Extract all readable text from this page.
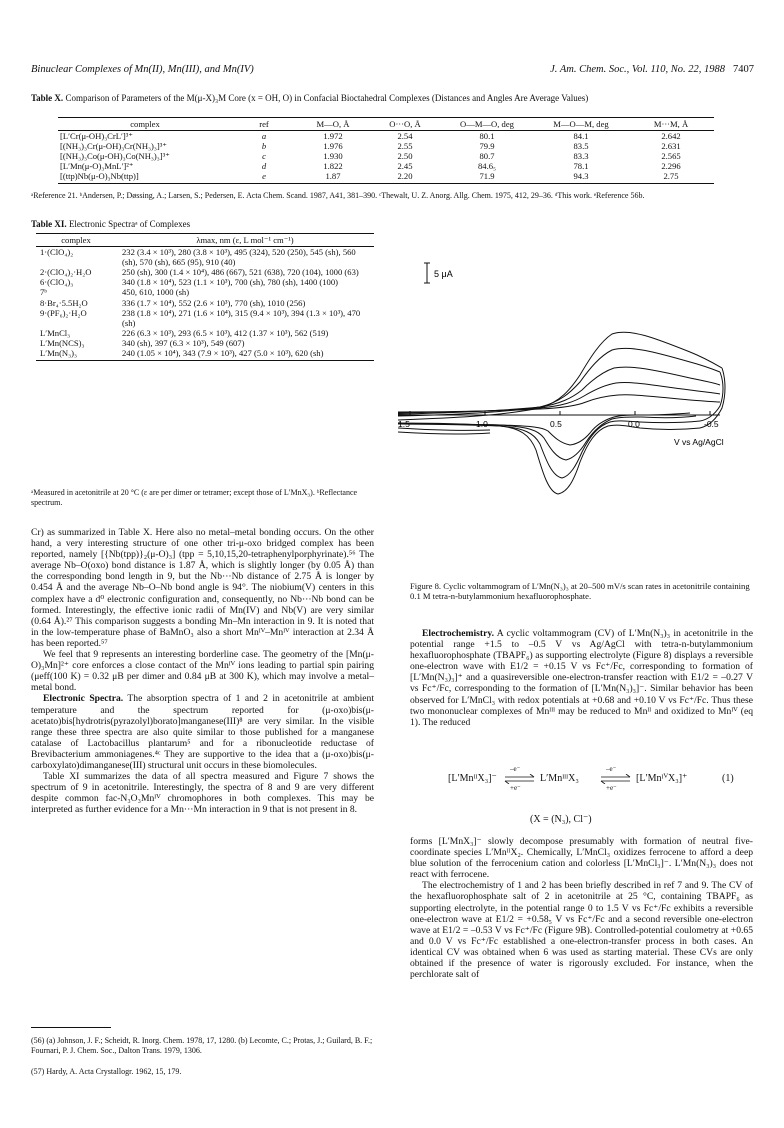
Binuclear Complexes of Mn(II), Mn(III), and Mn(IV)	J. Am. Chem. Soc., Vol. 110, No. 22, 1988 7407
Table X. Comparison of Parameters of the M(μ-X)₃M Core (x = OH, O) in Confacial Bioctahedral Complexes (Distances and Angles Are Average Values)
complex	ref	M—O, Å	O···O, Å	O—M—O, deg	M—O—M, deg	M···M, Å
[L′Cr(μ-OH)₃CrL′]³⁺	a	1.972	2.54	80.1	84.1	2.642
[(NH₃)₃Cr(μ-OH)₃Cr(NH₃)₃]³⁺	b	1.976	2.55	79.9	83.5	2.631
[(NH₃)₃Co(μ-OH)₃Co(NH₃)₃]³⁺	c	1.930	2.50	80.7	83.3	2.565
[L′Mn(μ-O)₃MnL′]²⁺	d	1.822	2.45	84.6₅	78.1	2.296
[(ttp)Nb(μ-O)₃Nb(ttp)]	e	1.87	2.20	71.9	94.3	2.75
ᵃReference 21. ᵇAndersen, P.; Døssing, A.; Larsen, S.; Pedersen, E. Acta Chem. Scand. 1987, A41, 381–390. ᶜThewalt, U. Z. Anorg. Allg. Chem. 1975, 412, 29–36. ᵈThis work. ᵉReference 56b.
Table XI. Electronic Spectraᵃ of Complexes
complex	λmax, nm (ε, L mol⁻¹ cm⁻¹)
1·(ClO₄)₂	232 (3.4 × 10³), 280 (3.8 × 10³), 495 (324), 520 (250), 545 (sh), 560 (sh), 570 (sh), 665 (95), 910 (40)
2·(ClO₄)₂·H₂O	250 (sh), 300 (1.4 × 10⁴), 486 (667), 521 (638), 720 (104), 1000 (63)
6·(ClO₄)₃	340 (1.8 × 10⁴), 523 (1.1 × 10³), 700 (sh), 780 (sh), 1400 (100)
7ᵇ	450, 610, 1000 (sh)
8·Br₄·5.5H₂O	336 (1.7 × 10⁴), 552 (2.6 × 10³), 770 (sh), 1010 (256)
9·(PF₆)₂·H₂O	238 (1.8 × 10⁴), 271 (1.6 × 10⁴), 315 (9.4 × 10³), 394 (1.3 × 10³), 470 (sh)
L′MnCl₃	226 (6.3 × 10³), 293 (6.5 × 10³), 412 (1.37 × 10³), 562 (519)
L′Mn(NCS)₃	340 (sh), 397 (6.3 × 10³), 549 (607)
L′Mn(N₃)₃	240 (1.05 × 10⁴), 343 (7.9 × 10³), 427 (5.0 × 10³), 620 (sh)
ᵃMeasured in acetonitrile at 20 °C (ε are per dimer or tetramer; except those of L′MnX₃). ᵇReflectance spectrum.

Cr) as summarized in Table X. Here also no metal–metal bonding occurs. On the other hand, a very interesting structure of one other tri-μ-oxo bridged complex has been reported, namely [{Nb(tpp)}₂(μ-O)₃] (tpp = 5,10,15,20-tetraphenylporphyrinate).⁵⁶ The average Nb–O(oxo) bond distance is 1.87 Å, which is slightly longer (by 0.05 Å) than the corresponding bond length in 9, but the Nb···Nb distance of 2.75 Å is longer by 0.454 Å and the average Nb–O–Nb bond angle is 94°. The niobium(V) centers in this complex have a d⁰ electronic configuration and, consequently, no Nb···Nb bond can be formed. Interestingly, the effective ionic radii of Mn(IV) and Nb(V) are very similar (0.64 Å).²⁷ This comparison suggests a bonding Mn–Mn interaction in 9. It is noted that in the low-temperature phase of BaMnO₃ also a short Mnᴵⱽ–Mnᴵⱽ interaction at 2.34 Å has been reported.⁵⁷

We feel that 9 represents an interesting borderline case. The geometry of the [Mn(μ-O)₃Mn]²⁺ core enforces a close contact of the Mnᴵⱽ ions leading to partial spin pairing (μeff(100 K) = 0.32 μB per dimer and 0.84 μB at 300 K), which may involve a metal–metal bond.

Electronic Spectra. The absorption spectra of 1 and 2 in acetonitrile at ambient temperature and the spectrum reported for (μ-oxo)bis(μ-acetato)bis[hydrotris(pyrazolyl)borato]manganese(III)⁸ are very similar. In the visible range these three spectra are also quite similar to those published for a manganese catalase of Lactobacillus plantarum⁵ and for a ribonucleotide reductase of Brevibacterium ammoniagenes.⁴ᶜ They are supportive to the idea that a (μ-oxo)bis(μ-carboxylato)dimanganese(III) structural unit occurs in these biomolecules.

Table XI summarizes the data of all spectra measured and Figure 7 shows the spectrum of 9 in acetonitrile. Interestingly, the spectra of 8 and 9 are very different despite common fac-N₃O₃Mnᴵⱽ chromophores in both complexes. This may be interpreted as further evidence for a Mn···Mn interaction in 9 that is not present in 8.

(56) (a) Johnson, J. F.; Scheidt, R. Inorg. Chem. 1978, 17, 1280. (b) Lecomte, C.; Protas, J.; Guilard, B. F.; Fournari, P. J. Chem. Soc., Dalton Trans. 1979, 1306.
(57) Hardy, A. Acta Crystallogr. 1962, 15, 179.
5 μA
1.5	1.0	0.5	0.0	-0.5
V vs Ag/AgCl
Figure 8. Cyclic voltammogram of L′Mn(N₃)₃ at 20–500 mV/s scan rates in acetonitrile containing 0.1 M tetra-n-butylammonium hexafluorophosphate.

Electrochemistry. A cyclic voltammogram (CV) of L′Mn(N₃)₃ in acetonitrile in the potential range +1.5 to –0.5 V vs Ag/AgCl with tetra-n-butylammonium hexafluorophosphate (TBAPF₆) as supporting electrolyte (Figure 8) displays a reversible one-electron wave with E1/2 = +0.15 V vs Fc⁺/Fc, corresponding to formation of [L′Mn(N₃)₃]⁺ and a quasireversible one-electron-transfer reaction with E1/2 = –0.27 V vs Fc⁺/Fc, corresponding to the formation of [L′Mn(N₃)₃]⁻. Similar behavior has been observed for L′MnCl₃ with redox potentials at +0.68 and +0.10 V vs Fc⁺/Fc. Thus these two mononuclear complexes of Mnᴵᴵᴵ may be reduced to Mnᴵᴵ and oxidized to Mnᴵⱽ (eq 1). The reduced

[L′MnᴵᴵX₃]⁻
–e⁻
+e⁻
⇌ L′MnᴵᴵᴵX₃
–e⁻
+e⁻
⇌ [L′MnᴵⱽX₃]⁺	(1)
(X = (N₃), Cl⁻)

forms [L′MnX₃]⁻ slowly decompose presumably with formation of neutral five-coordinate species L′MnᴵᴵX₂. Chemically, L′MnCl₃ oxidizes ferrocene to afford a deep blue solution of the ferrocenium cation and colorless [L′MnCl₃]⁻. L′Mn(N₃)₃ does not react with ferrocene.

The electrochemistry of 1 and 2 has been briefly described in ref 7 and 9. The CV of the hexafluorophosphate salt of 2 in acetonitrile at 25 °C, containing TBAPF₆ as supporting electrolyte, in the potential range 0 to 1.5 V vs Fc⁺/Fc exhibits a reversible one-electron wave at E1/2 = +0.58₅ V vs Fc⁺/Fc and a second reversible one-electron wave at E1/2 = –0.53 V vs Fc⁺/Fc (Figure 9B). Controlled-potential coulometry at +0.65 and 0.0 V vs Fc⁺/Fc established a one-electron-transfer process in both cases. An identical CV was obtained when 6 was used as starting material. These CVs are only obtained if the presence of water is rigorously excluded. For instance, when the perchlorate salt of
